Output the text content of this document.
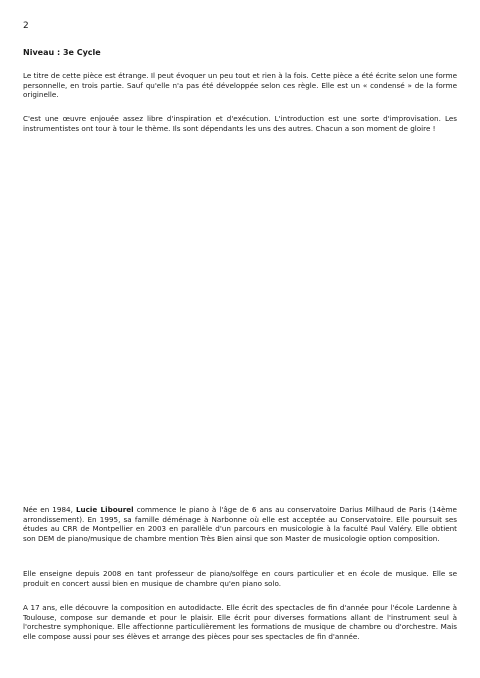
2
Niveau : 3e Cycle

Le titre de cette pièce est étrange. Il peut évoquer un peu tout et rien à la fois. Cette pièce a été écrite selon une forme personnelle, en trois partie. Sauf qu'elle n'a pas été développée selon ces règle. Elle est un « condensé » de la forme originelle.

C'est une œuvre enjouée assez libre d'inspiration et d'exécution. L'introduction est une sorte d'improvisation. Les instrumentistes ont tour à tour le thème. Ils sont dépendants les uns des autres. Chacun a son moment de gloire !

Née en 1984, Lucie Libourel commence le piano à l'âge de 6 ans au conservatoire Darius Milhaud de Paris (14ème arrondissement). En 1995, sa famille déménage à Narbonne où elle est acceptée au Conservatoire. Elle poursuit ses études au CRR de Montpellier en 2003 en parallèle d'un parcours en musicologie à la faculté Paul Valéry. Elle obtient son DEM de piano/musique de chambre mention Très Bien ainsi que son Master de musicologie option composition.

Elle enseigne depuis 2008 en tant professeur de piano/solfège en cours particulier et en école de musique. Elle se produit en concert aussi bien en musique de chambre qu'en piano solo.

A 17 ans, elle découvre la composition en autodidacte. Elle écrit des spectacles de fin d'année pour l'école Lardenne à Toulouse, compose sur demande et pour le plaisir. Elle écrit pour diverses formations allant de l'instrument seul à l'orchestre symphonique. Elle affectionne particulièrement les formations de musique de chambre ou d'orchestre. Mais elle compose aussi pour ses élèves et arrange des pièces pour ses spectacles de fin d'année.
